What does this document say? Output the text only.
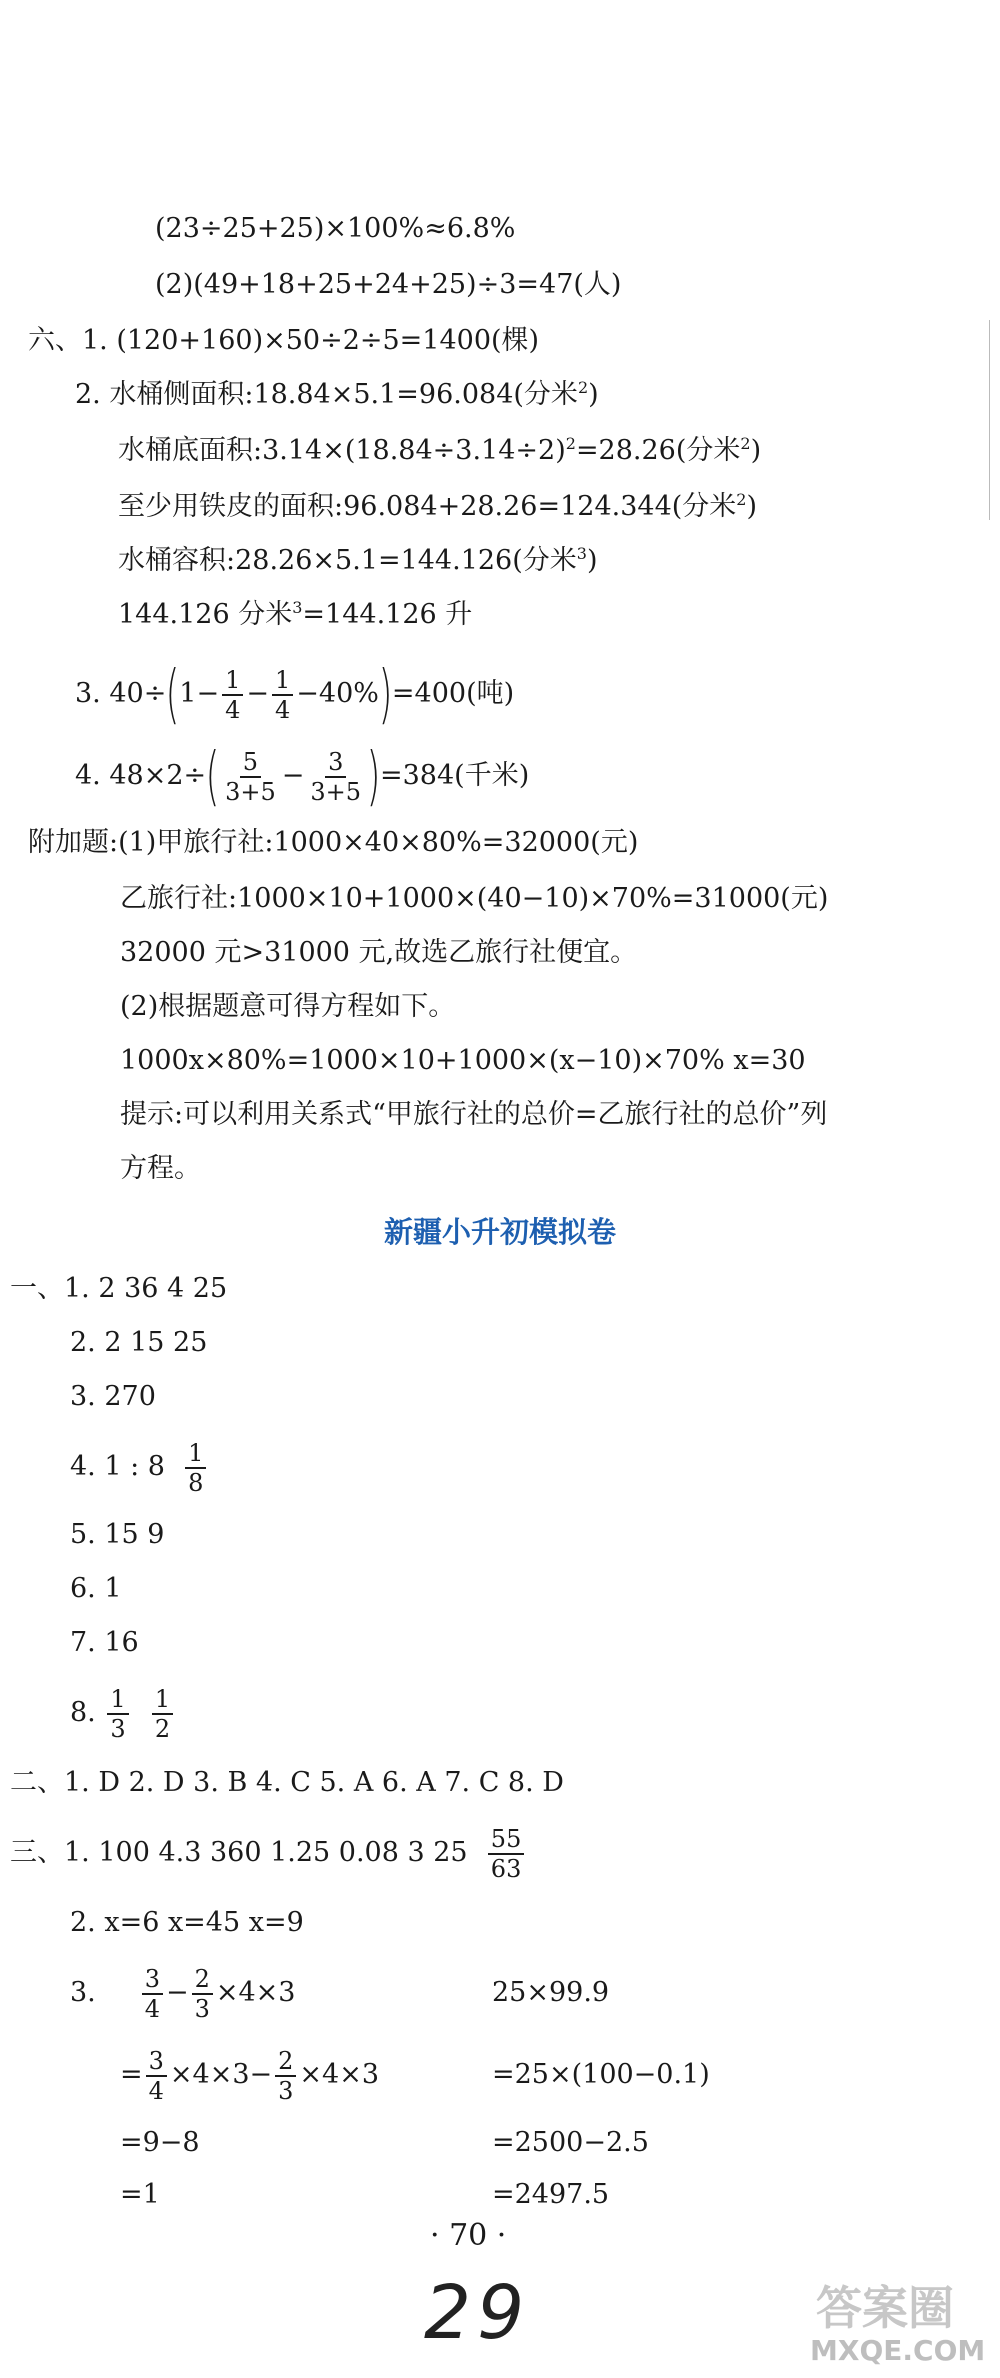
(23÷25+25)×100%≈6.8%
(2)(49+18+25+24+25)÷3=47(人)
六、1. (120+160)×50÷2÷5=1400(棵)
2. 水桶侧面积:18.84×5.1=96.084(分米$^2$)
水桶底面积$:3.14\times(18.84\div 3.14\div 2)^2=28.26$(分米$^2$)
至少用铁皮的面积:96.084+28.26=124.344(分米$^2$)
水桶容积:28.26×5.1=144.126(分米$^3$)
144.126 分米$^3$=144.126 升
3. $40\div(1- \frac{1}{4} - \frac{1}{4} -40\%)=400$(吨)
4. $48\times 2\div( \frac{5}{3+5} - \frac{3}{3+5} )=384$(千米)
附加题:(1)甲旅行社:1000×40×80%=32000(元)
乙旅行社:1000×10+1000×(40−10)×70%=31000(元)
32000 元>31000 元,故选乙旅行社便宜。
(2)根据题意可得方程如下。
1000x×80%=1000×10+1000×(x−10)×70% x=30
提示:可以利用关系式“甲旅行社的总价=乙旅行社的总价”列
方程。
新疆小升初模拟卷
一、1. 2 36 4 25
2. 2 15 25
3. 270
4. 1 : $8 \frac{1}{8}$
5. 15 9
6. 1
7. 16
8. $\frac{1}{3}$
$\frac{1}{2}$
二、1. D 2. D 3. B 4. C 5. A 6. A 7. C 8. D
三、1. 100 4.3 360 1.25 0.08 3 $25 \frac{55}{63}$
2. x=6 x=45 x=9
3. $\frac{3}{4} - \frac{2}{3} \times 4\times 3$	25×99.9
= $\frac{3}{4} \times 4\times 3- \frac{2}{3} \times 4\times 3$	=25×(100−0.1)
=9−8	=2500−2.5
=1	=2497.5
· 70 ·
29	答案圈
MXQE.COM
